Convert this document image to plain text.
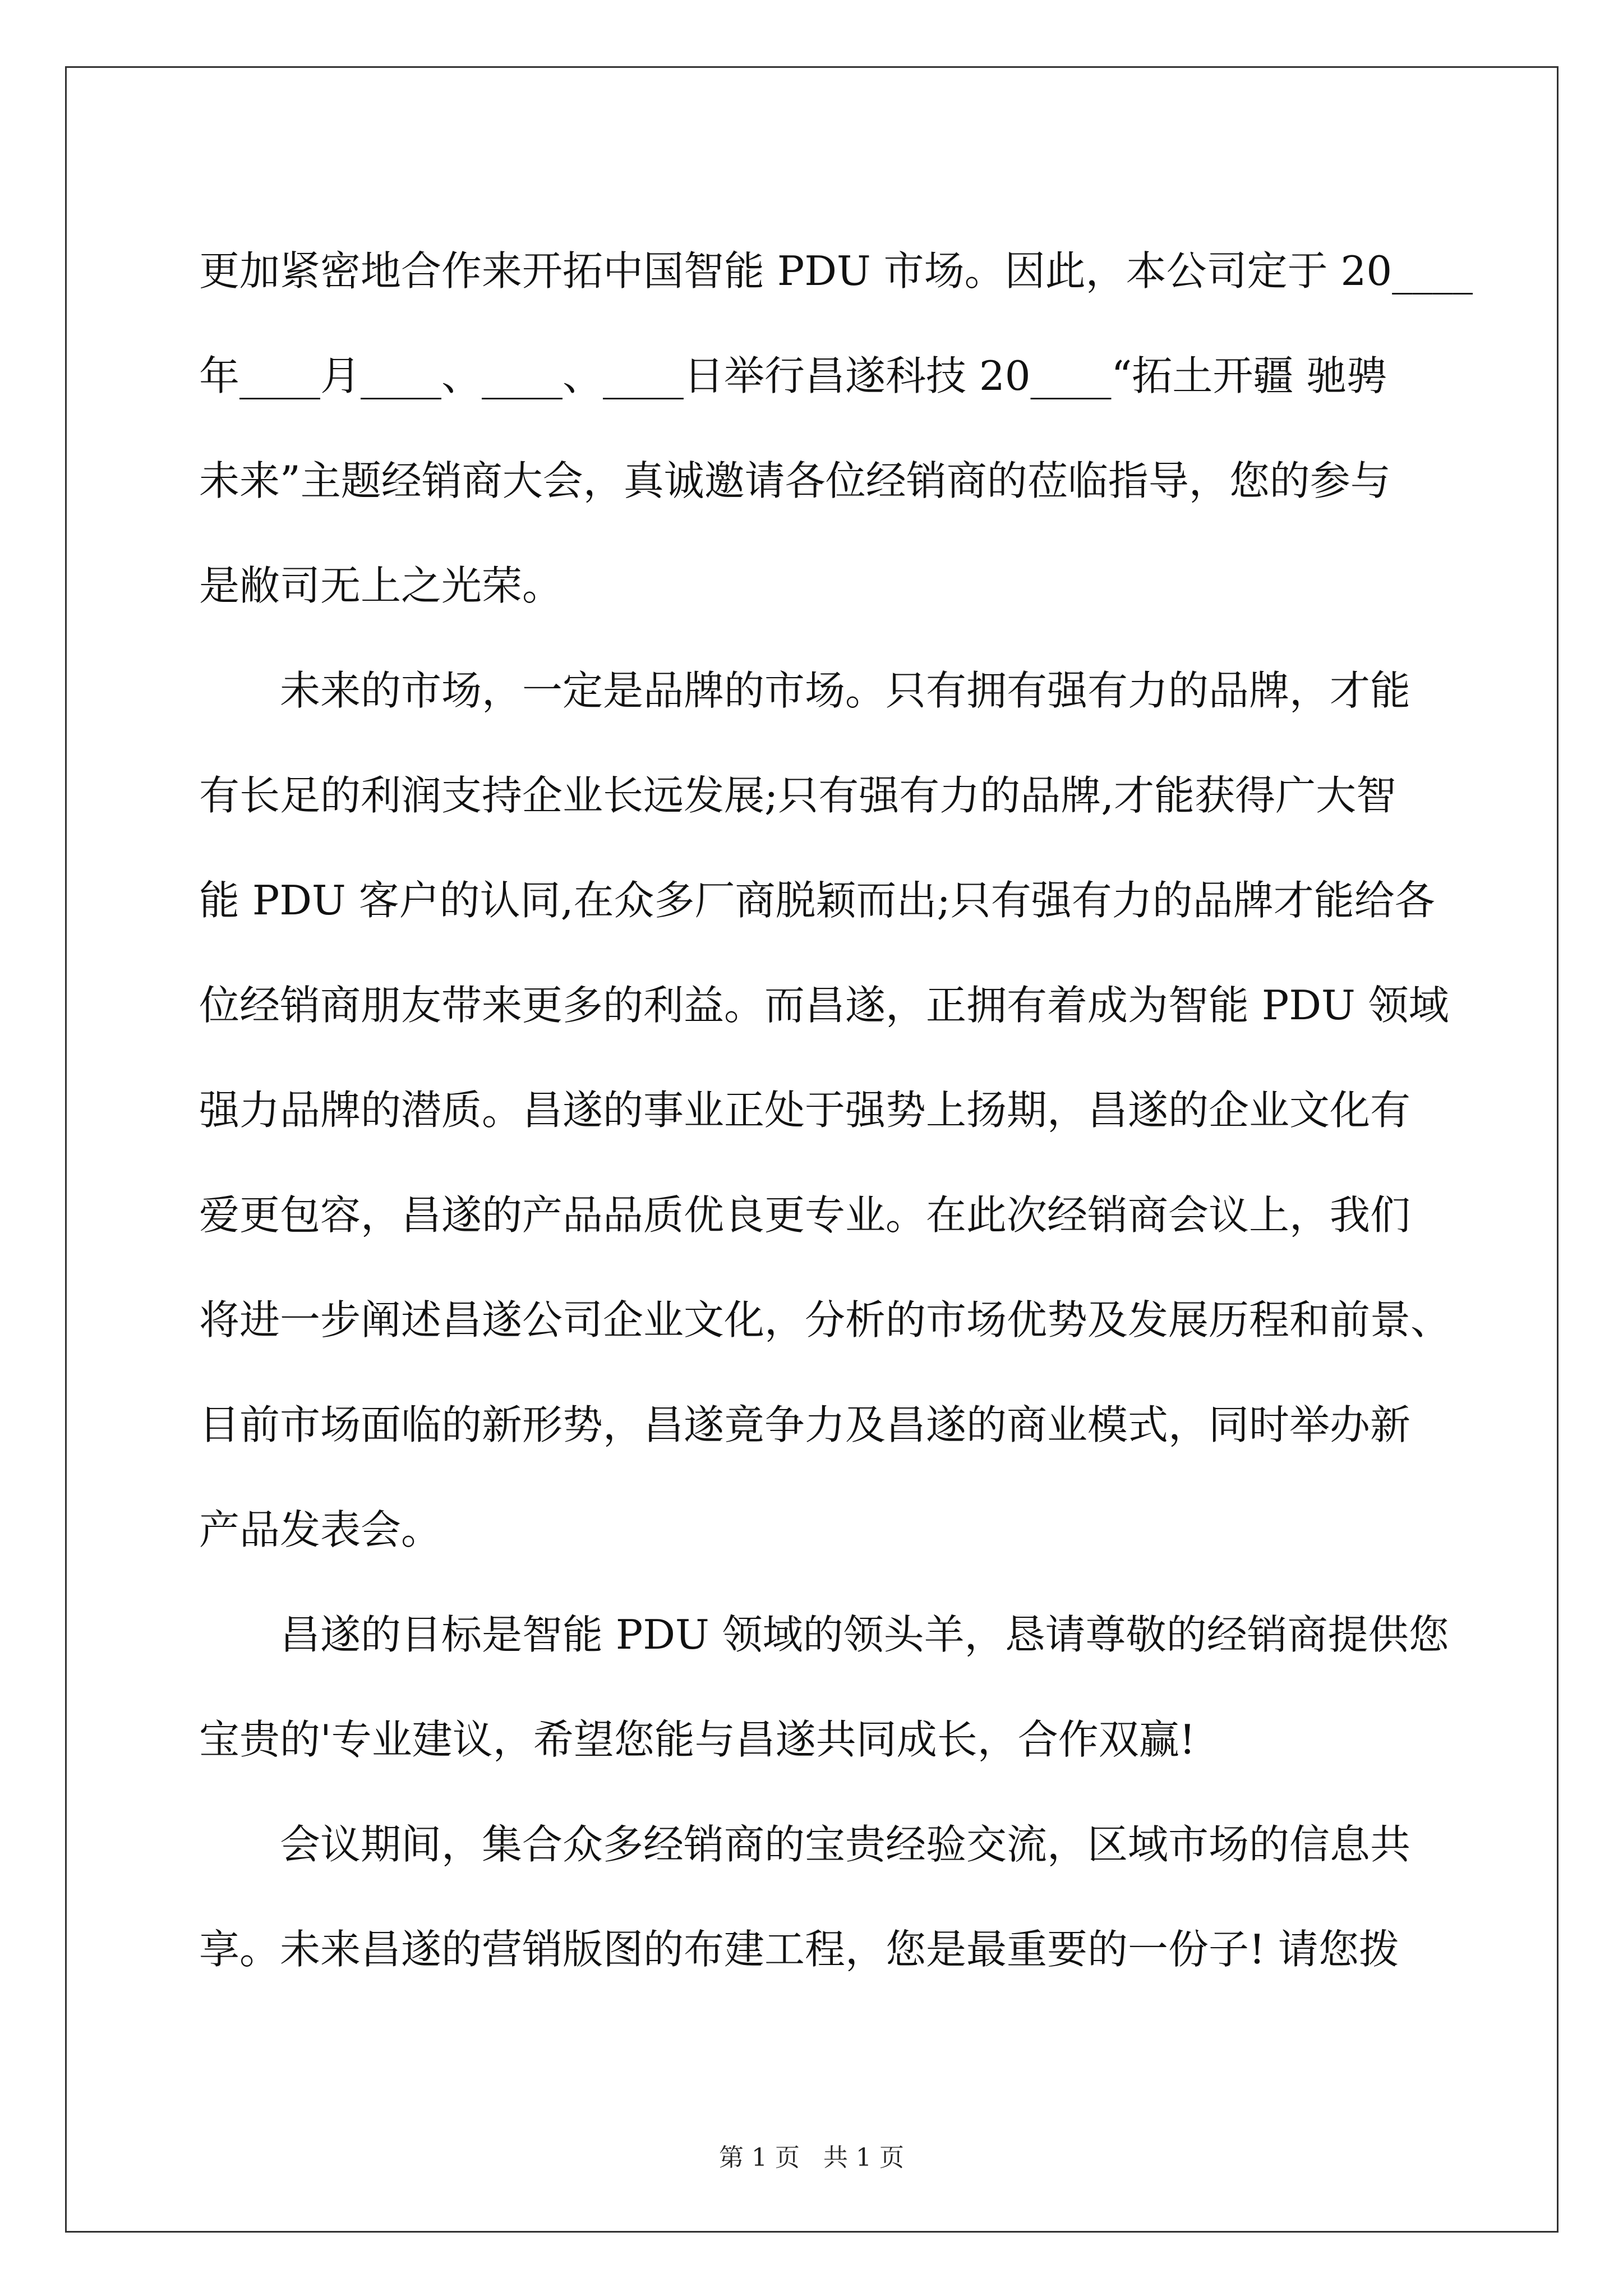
更加紧密地合作来开拓中国智能 PDU 市场。因此，本公司定于 20____
年____月____、____、____日举行昌遂科技 20____“拓土开疆 驰骋
未来”主题经销商大会，真诚邀请各位经销商的莅临指导，您的参与
是敝司无上之光荣。
未来的市场，一定是品牌的市场。只有拥有强有力的品牌，才能
有长足的利润支持企业长远发展;只有强有力的品牌,才能获得广大智
能 PDU 客户的认同,在众多厂商脱颖而出;只有强有力的品牌才能给各
位经销商朋友带来更多的利益。而昌遂，正拥有着成为智能 PDU 领域
强力品牌的潜质。昌遂的事业正处于强势上扬期，昌遂的企业文化有
爱更包容，昌遂的产品品质优良更专业。在此次经销商会议上，我们
将进一步阐述昌遂公司企业文化，分析的市场优势及发展历程和前景、
目前市场面临的新形势，昌遂竟争力及昌遂的商业模式，同时举办新
产品发表会。
昌遂的目标是智能 PDU 领域的领头羊，恳请尊敬的经销商提供您
宝贵的'专业建议，希望您能与昌遂共同成长，合作双赢!
会议期间，集合众多经销商的宝贵经验交流，区域市场的信息共
享。未来昌遂的营销版图的布建工程，您是最重要的一份子! 请您拨
第 1 页   共 1 页
